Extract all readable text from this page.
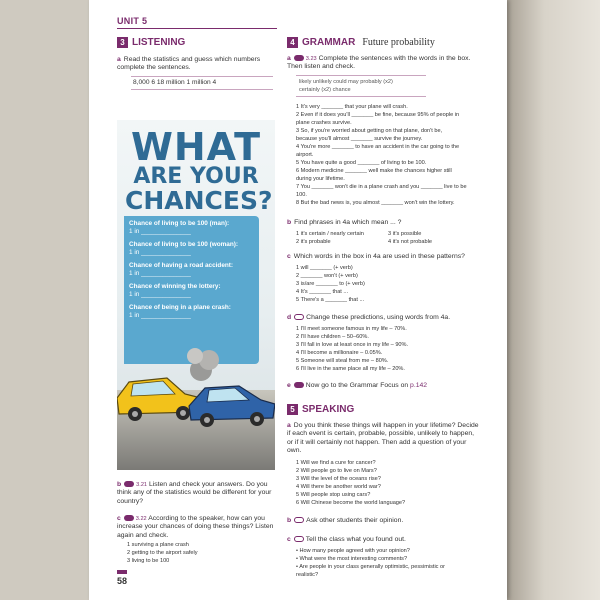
UNIT 5
3 LISTENING
a Read the statistics and guess which numbers complete the sentences.
8,000 6 18 million 1 million 4
WHAT
ARE YOUR
CHANCES?
Chance of living to be 100 (man):
1 in ______________
Chance of living to be 100 (woman):
1 in ______________
Chance of having a road accident:
1 in ______________
Chance of winning the lottery:
1 in ______________
Chance of being in a plane crash:
1 in ______________
b	3.21 Listen and check your answers. Do you think any of the statistics would be different for your country?
c	3.22 According to the speaker, how can you increase your chances of doing these things? Listen again and check.
1 surviving a plane crash
2 getting to the airport safely
3 living to be 100
58
4 GRAMMAR Future probability
a	3.23 Complete the sentences with the words in the box. Then listen and check.
likely unlikely could may probably (x2)
certainly (x2) chance
1 It's very _______ that your plane will crash.
2 Even if it does you'll _______ be fine, because 95% of people in
plane crashes survive.
3 So, if you're worried about getting on that plane, don't be,
because you'll almost _______ survive the journey.
4 You're more _______ to have an accident in the car going to the
airport.
5 You have quite a good _______ of living to be 100.
6 Modern medicine _______ well make the chances higher still
during your lifetime.
7 You _______ won't die in a plane crash and you _______ live to be
100.
8 But the bad news is, you almost _______ won't win the lottery.
b Find phrases in 4a which mean ... ?
1 it's certain / nearly certain	3 it's possible
2 it's probable	4 it's not probable
c Which words in the box in 4a are used in these patterns?
1 will _______ (+ verb)
2 _______ won't (+ verb)
3 is/are _______ to (+ verb)
4 It's _______ that ...
5 There's a _______ that ...
d Change these predictions, using words from 4a.
1 I'll meet someone famous in my life – 70%.
2 I'll have children – 50–60%.
3 I'll fall in love at least once in my life – 90%.
4 I'll become a millionaire – 0.05%.
5 Someone will steal from me – 80%.
6 I'll live in the same place all my life – 20%.
e Now go to the Grammar Focus on p.142
5 SPEAKING
a Do you think these things will happen in your lifetime? Decide if each event is certain, probable, possible, unlikely to happen, or if it will certainly not happen. Then add a question of your own.
1 Will we find a cure for cancer?
2 Will people go to live on Mars?
3 Will the level of the oceans rise?
4 Will there be another world war?
5 Will people stop using cars?
6 Will Chinese become the world language?
b Ask other students their opinion.
c Tell the class what you found out.
• How many people agreed with your opinion?
• What were the most interesting comments?
• Are people in your class generally optimistic, pessimistic or
realistic?
